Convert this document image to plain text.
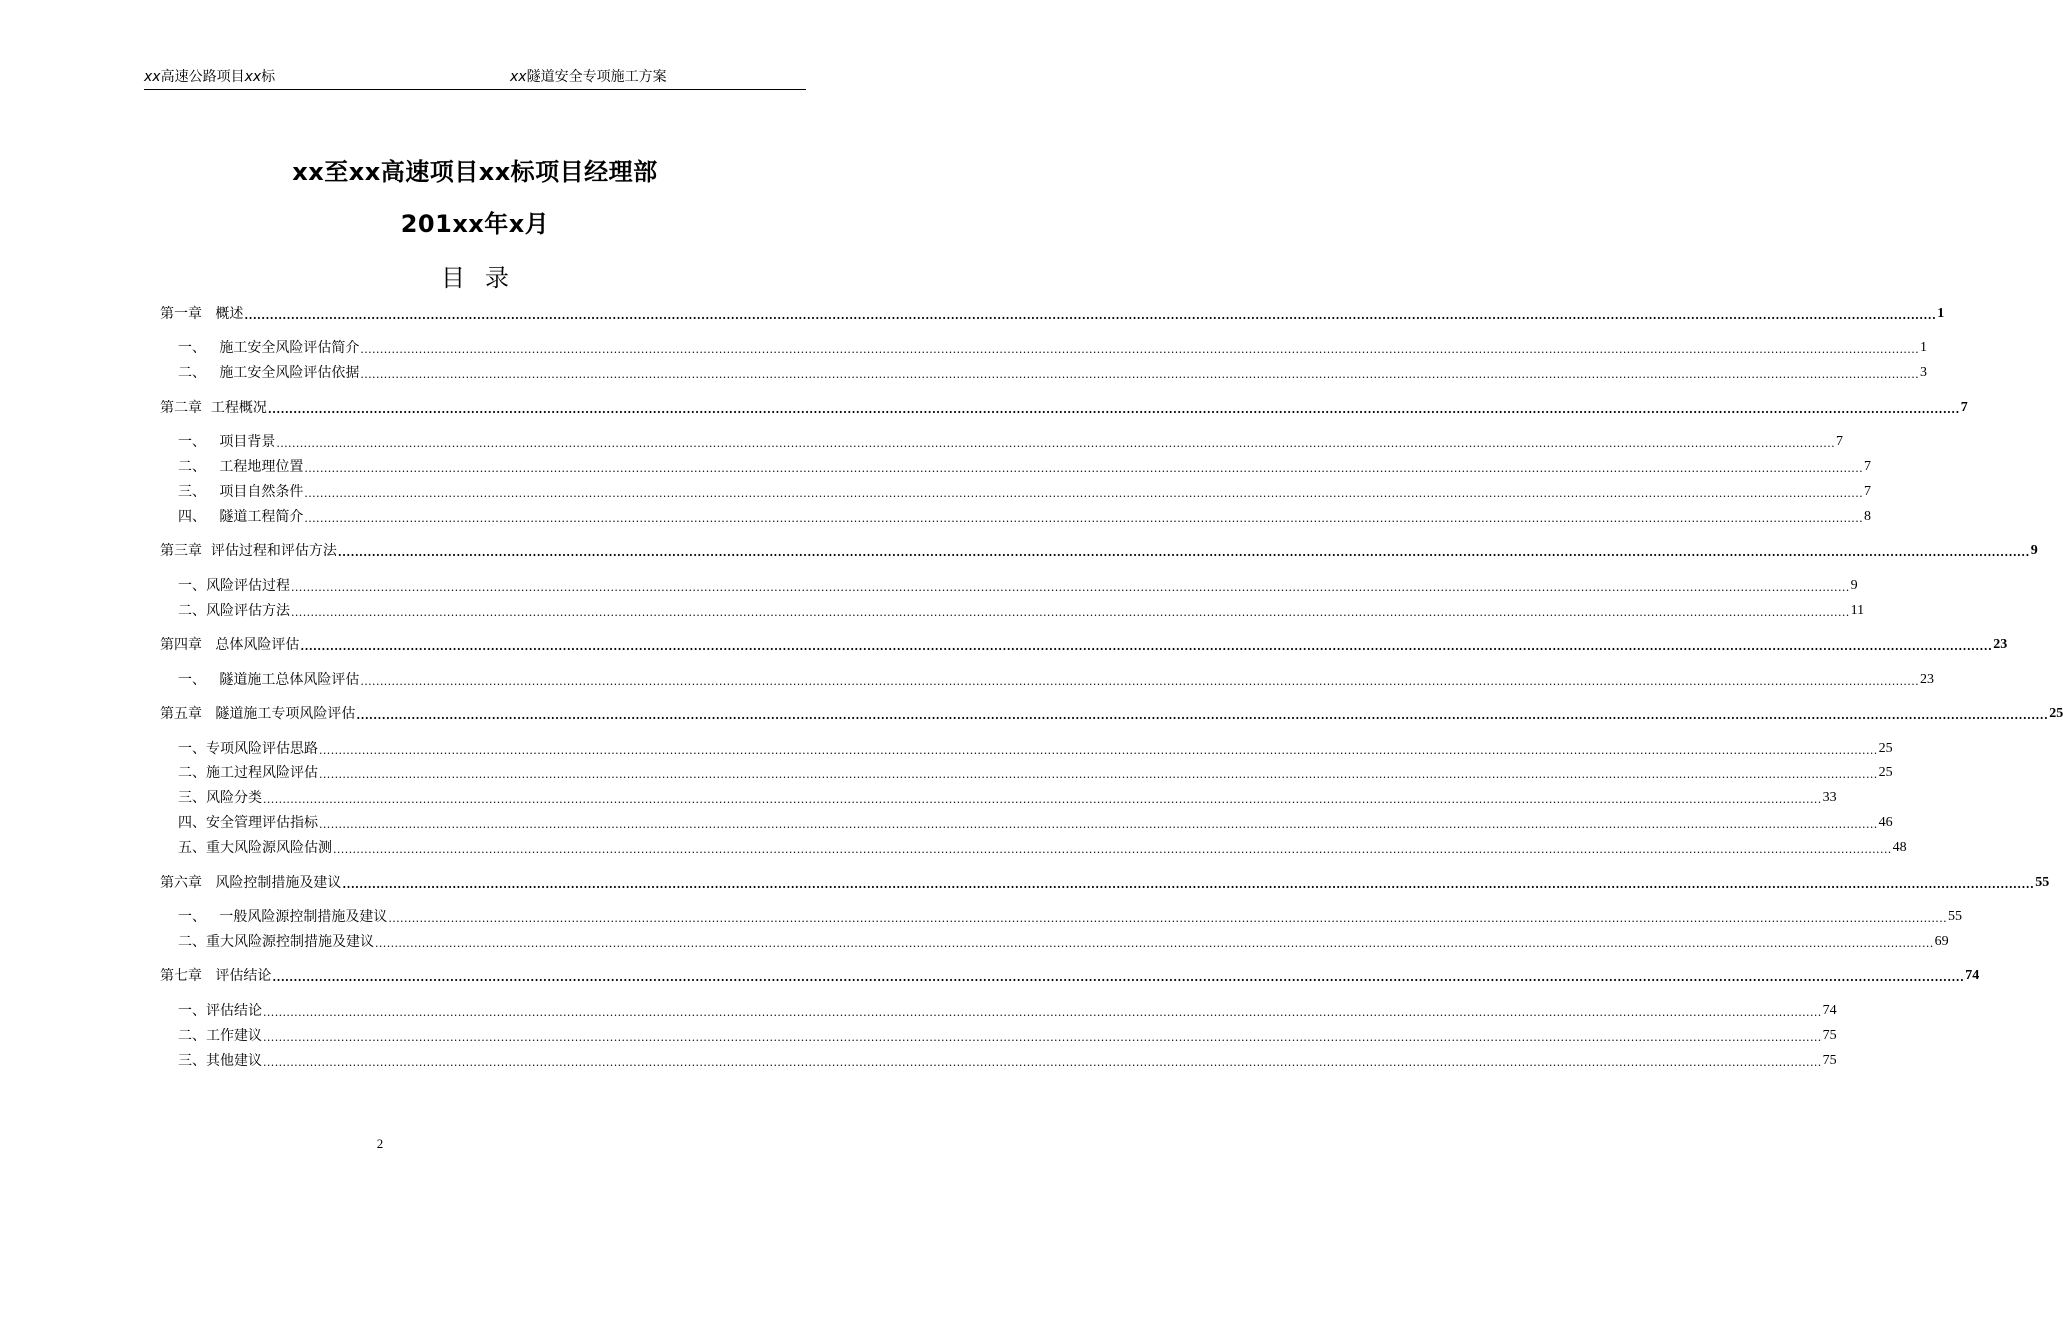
xx高速公路项目xx标	xx隧道安全专项施工方案
xx至xx高速项目xx标项目经理部
201xx年x月
目录
第一章   概述 ................................................................................................................................................................................................................................................................................................................................................................................................................ 1
一、   施工安全风险评估简介 ................................................................................................................................................................................................................................................................................................................................................................................................................ 1
二、   施工安全风险评估依据 ................................................................................................................................................................................................................................................................................................................................................................................................................ 3
第二章  工程概况 ................................................................................................................................................................................................................................................................................................................................................................................................................ 7
一、   项目背景 ................................................................................................................................................................................................................................................................................................................................................................................................................ 7
二、   工程地理位置 ................................................................................................................................................................................................................................................................................................................................................................................................................ 7
三、   项目自然条件 ................................................................................................................................................................................................................................................................................................................................................................................................................ 7
四、   隧道工程简介 ................................................................................................................................................................................................................................................................................................................................................................................................................ 8
第三章  评估过程和评估方法 ................................................................................................................................................................................................................................................................................................................................................................................................................ 9
一、风险评估过程 ................................................................................................................................................................................................................................................................................................................................................................................................................ 9
二、风险评估方法 ................................................................................................................................................................................................................................................................................................................................................................................................................ 11
第四章   总体风险评估 ................................................................................................................................................................................................................................................................................................................................................................................................................ 23
一、   隧道施工总体风险评估 ................................................................................................................................................................................................................................................................................................................................................................................................................ 23
第五章   隧道施工专项风险评估 ................................................................................................................................................................................................................................................................................................................................................................................................................ 25
一、专项风险评估思路 ................................................................................................................................................................................................................................................................................................................................................................................................................ 25
二、施工过程风险评估 ................................................................................................................................................................................................................................................................................................................................................................................................................ 25
三、风险分类 ................................................................................................................................................................................................................................................................................................................................................................................................................ 33
四、安全管理评估指标 ................................................................................................................................................................................................................................................................................................................................................................................................................ 46
五、重大风险源风险估测 ................................................................................................................................................................................................................................................................................................................................................................................................................ 48
第六章   风险控制措施及建议 ................................................................................................................................................................................................................................................................................................................................................................................................................ 55
一、   一般风险源控制措施及建议 ................................................................................................................................................................................................................................................................................................................................................................................................................ 55
二、重大风险源控制措施及建议 ................................................................................................................................................................................................................................................................................................................................................................................................................ 69
第七章   评估结论 ................................................................................................................................................................................................................................................................................................................................................................................................................ 74
一、评估结论 ................................................................................................................................................................................................................................................................................................................................................................................................................ 74
二、工作建议 ................................................................................................................................................................................................................................................................................................................................................................................................................ 75
三、其他建议 ................................................................................................................................................................................................................................................................................................................................................................................................................ 75
2
